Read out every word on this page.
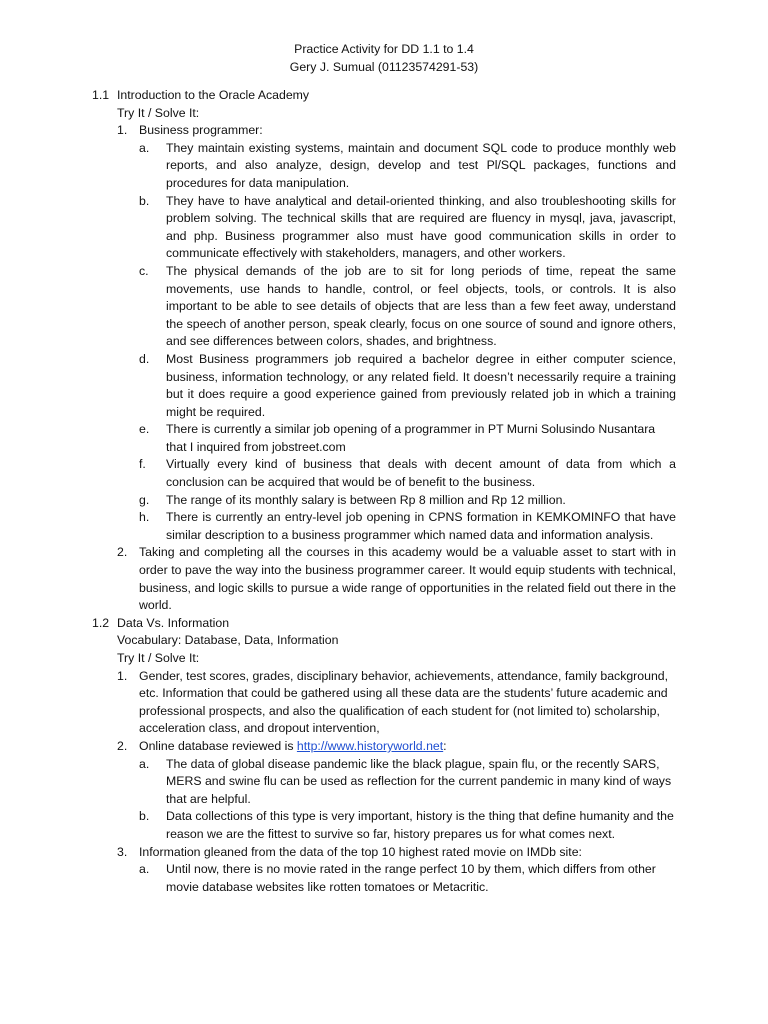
Practice Activity for DD 1.1 to 1.4
Gery J. Sumual (01123574291-53)
1.1 Introduction to the Oracle Academy
Try It / Solve It:
1. Business programmer:
a.	They maintain existing systems, maintain and document SQL code to produce monthly web reports, and also analyze, design, develop and test Pl/SQL packages, functions and procedures for data manipulation.
b.	They have to have analytical and detail-oriented thinking, and also troubleshooting skills for problem solving. The technical skills that are required are fluency in mysql, java, javascript, and php. Business programmer also must have good communication skills in order to communicate effectively with stakeholders, managers, and other workers.
c.	The physical demands of the job are to sit for long periods of time, repeat the same movements, use hands to handle, control, or feel objects, tools, or controls. It is also important to be able to see details of objects that are less than a few feet away, understand the speech of another person, speak clearly, focus on one source of sound and ignore others, and see differences between colors, shades, and brightness.
d.	Most Business programmers job required a bachelor degree in either computer science, business, information technology, or any related field. It doesn’t necessarily require a training but it does require a good experience gained from previously related job in which a training might be required.
e.	There is currently a similar job opening of a programmer in PT Murni Solusindo Nusantara that I inquired from jobstreet.com
f.	Virtually every kind of business that deals with decent amount of data from which a conclusion can be acquired that would be of benefit to the business.
g.	The range of its monthly salary is between Rp 8 million and Rp 12 million.
h.	There is currently an entry-level job opening in CPNS formation in KEMKOMINFO that have similar description to a business programmer which named data and information analysis.
2. Taking and completing all the courses in this academy would be a valuable asset to start with in order to pave the way into the business programmer career. It would equip students with technical, business, and logic skills to pursue a wide range of opportunities in the related field out there in the world.
1.2 Data Vs. Information
Vocabulary: Database, Data, Information
Try It / Solve It:
1. Gender, test scores, grades, disciplinary behavior, achievements, attendance, family background, etc. Information that could be gathered using all these data are the students’ future academic and professional prospects, and also the qualification of each student for (not limited to) scholarship, acceleration class, and dropout intervention,
2. Online database reviewed is http://www.historyworld.net:
a.	The data of global disease pandemic like the black plague, spain flu, or the recently SARS, MERS and swine flu can be used as reflection for the current pandemic in many kind of ways that are helpful.
b.	Data collections of this type is very important, history is the thing that define humanity and the reason we are the fittest to survive so far, history prepares us for what comes next.
3. Information gleaned from the data of the top 10 highest rated movie on IMDb site:
a.	Until now, there is no movie rated in the range perfect 10 by them, which differs from other movie database websites like rotten tomatoes or Metacritic.
